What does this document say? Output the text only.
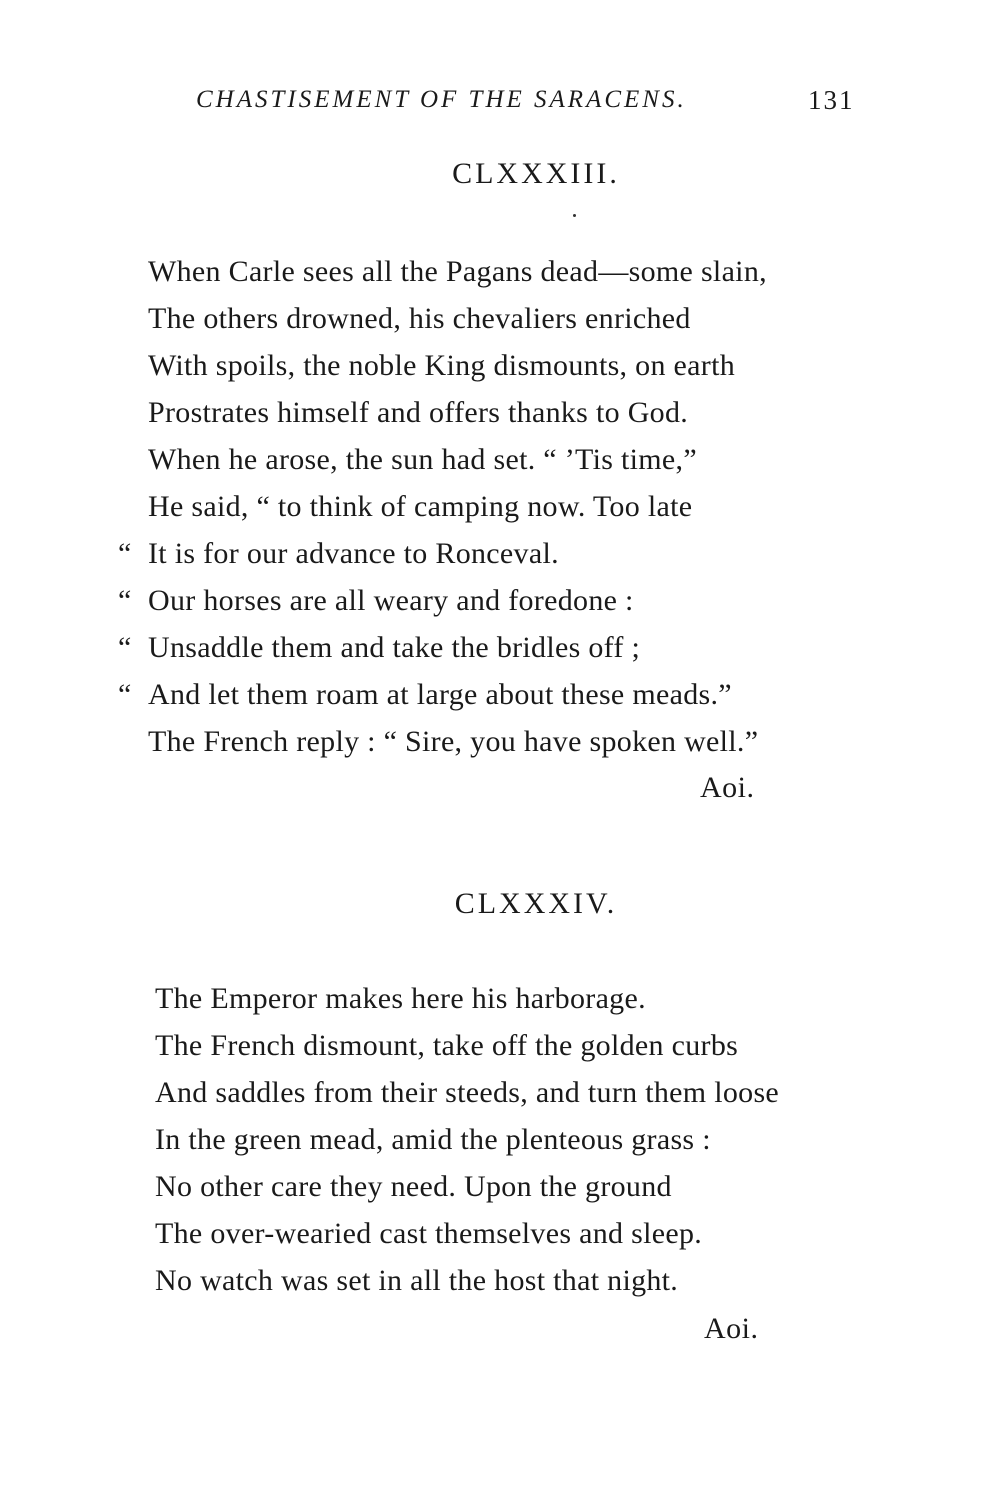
CHASTISEMENT OF THE SARACENS.	131
CLXXXIII.
When Carle sees all the Pagans dead—some slain,
The others drowned, his chevaliers enriched
With spoils, the noble King dismounts, on earth
Prostrates himself and offers thanks to God.
When he arose, the sun had set. “ ’Tis time,”
He said, “ to think of camping now. Too late
“ It is for our advance to Ronceval.
“ Our horses are all weary and foredone :
“ Unsaddle them and take the bridles off ;
“ And let them roam at large about these meads.”
The French reply : “ Sire, you have spoken well.”
Aoi.
CLXXXIV.
The Emperor makes here his harborage.
The French dismount, take off the golden curbs
And saddles from their steeds, and turn them loose
In the green mead, amid the plenteous grass :
No other care they need. Upon the ground
The over-wearied cast themselves and sleep.
No watch was set in all the host that night.
Aoi.
